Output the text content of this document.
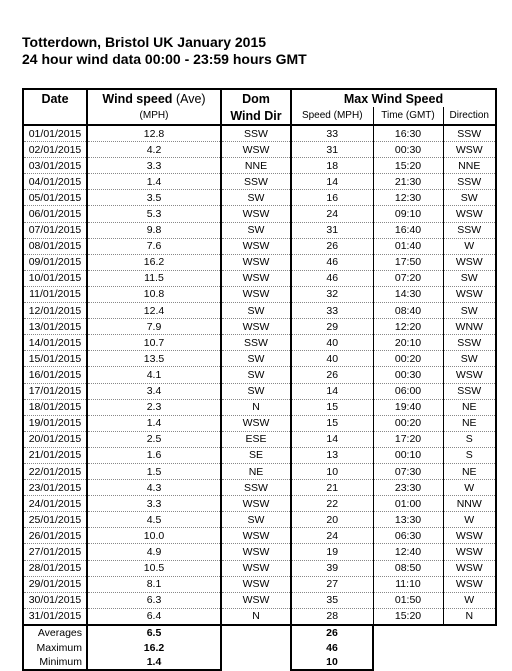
Totterdown, Bristol UK January 2015
24 hour wind data 00:00 - 23:59 hours GMT
Date	Wind speed (Ave)	Dom	Max Wind Speed		
	(MPH)	Wind Dir	Speed (MPH)	Time (GMT)	Direction
01/01/2015	12.8	SSW	33	16:30	SSW
02/01/2015	4.2	WSW	31	00:30	WSW
03/01/2015	3.3	NNE	18	15:20	NNE
04/01/2015	1.4	SSW	14	21:30	SSW
05/01/2015	3.5	SW	16	12:30	SW
06/01/2015	5.3	WSW	24	09:10	WSW
07/01/2015	9.8	SW	31	16:40	SSW
08/01/2015	7.6	WSW	26	01:40	W
09/01/2015	16.2	WSW	46	17:50	WSW
10/01/2015	11.5	WSW	46	07:20	SW
11/01/2015	10.8	WSW	32	14:30	WSW
12/01/2015	12.4	SW	33	08:40	SW
13/01/2015	7.9	WSW	29	12:20	WNW
14/01/2015	10.7	SSW	40	20:10	SSW
15/01/2015	13.5	SW	40	00:20	SW
16/01/2015	4.1	SW	26	00:30	WSW
17/01/2015	3.4	SW	14	06:00	SSW
18/01/2015	2.3	N	15	19:40	NE
19/01/2015	1.4	WSW	15	00:20	NE
20/01/2015	2.5	ESE	14	17:20	S
21/01/2015	1.6	SE	13	00:10	S
22/01/2015	1.5	NE	10	07:30	NE
23/01/2015	4.3	SSW	21	23:30	W
24/01/2015	3.3	WSW	22	01:00	NNW
25/01/2015	4.5	SW	20	13:30	W
26/01/2015	10.0	WSW	24	06:30	WSW
27/01/2015	4.9	WSW	19	12:40	WSW
28/01/2015	10.5	WSW	39	08:50	WSW
29/01/2015	8.1	WSW	27	11:10	WSW
30/01/2015	6.3	WSW	35	01:50	W
31/01/2015	6.4	N	28	15:20	N
Averages	6.5		26		
Maximum	16.2		46		
Minimum	1.4		10		
